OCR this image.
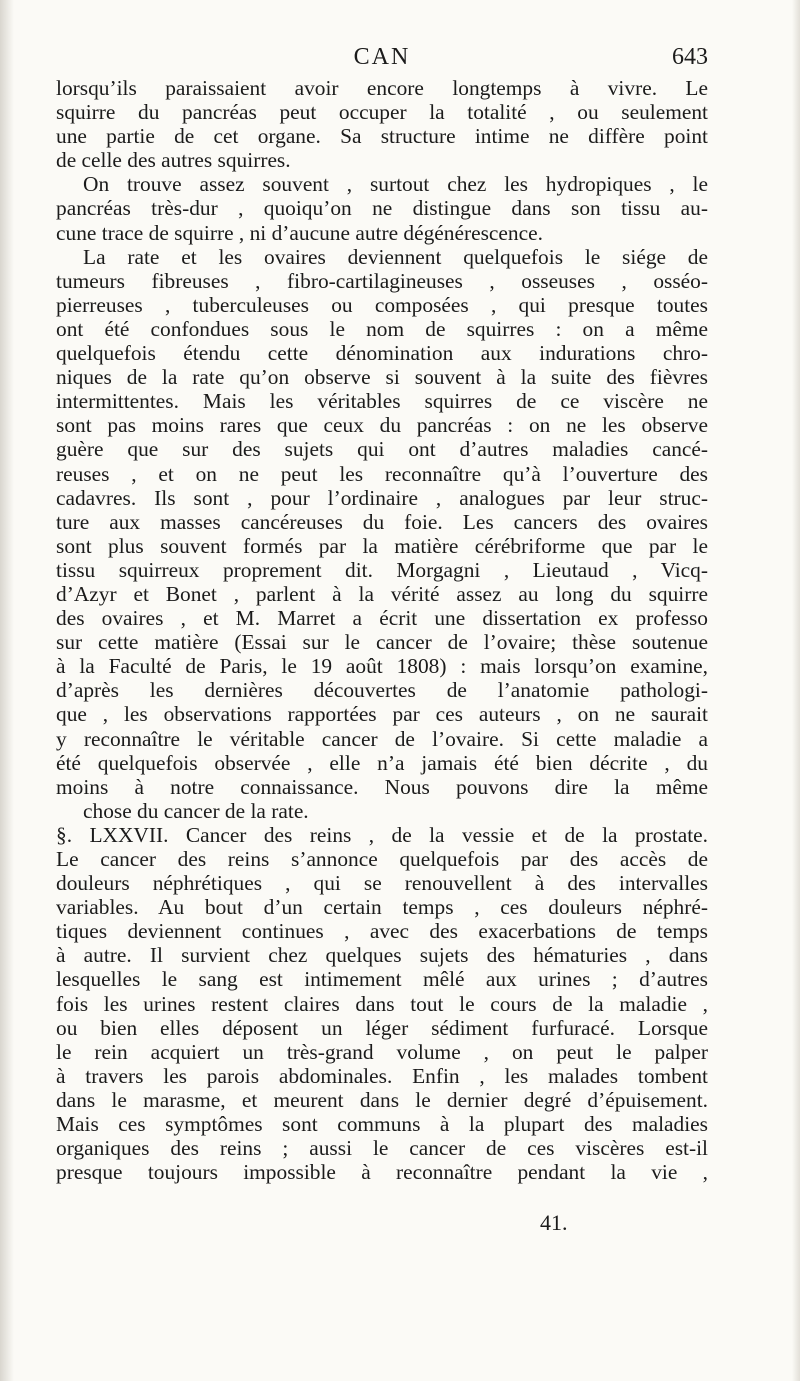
CAN	643
lorsqu’ils paraissaient avoir encore longtemps à vivre. Le
squirre du pancréas peut occuper la totalité , ou seulement
une partie de cet organe. Sa structure intime ne diffère point
de celle des autres squirres.
On trouve assez souvent , surtout chez les hydropiques , le
pancréas très-dur , quoiqu’on ne distingue dans son tissu au-
cune trace de squirre , ni d’aucune autre dégénérescence.
La rate et les ovaires deviennent quelquefois le siége de
tumeurs fibreuses , fibro-cartilagineuses , osseuses , osséo-
pierreuses , tuberculeuses ou composées , qui presque toutes
ont été confondues sous le nom de squirres : on a même
quelquefois étendu cette dénomination aux indurations chro-
niques de la rate qu’on observe si souvent à la suite des fièvres
intermittentes. Mais les véritables squirres de ce viscère ne
sont pas moins rares que ceux du pancréas : on ne les observe
guère que sur des sujets qui ont d’autres maladies cancé-
reuses , et on ne peut les reconnaître qu’à l’ouverture des
cadavres. Ils sont , pour l’ordinaire , analogues par leur struc-
ture aux masses cancéreuses du foie. Les cancers des ovaires
sont plus souvent formés par la matière cérébriforme que par le
tissu squirreux proprement dit. Morgagni , Lieutaud , Vicq-
d’Azyr et Bonet , parlent à la vérité assez au long du squirre
des ovaires , et M. Marret a écrit une dissertation ex professo
sur cette matière (Essai sur le cancer de l’ovaire; thèse soutenue
à la Faculté de Paris, le 19 août 1808) : mais lorsqu’on examine,
d’après les dernières découvertes de l’anatomie pathologi-
que , les observations rapportées par ces auteurs , on ne saurait
y reconnaître le véritable cancer de l’ovaire. Si cette maladie a
été quelquefois observée , elle n’a jamais été bien décrite , du
moins à notre connaissance. Nous pouvons dire la même
chose du cancer de la rate.
§. LXXVII. Cancer des reins , de la vessie et de la prostate.
Le cancer des reins s’annonce quelquefois par des accès de
douleurs néphrétiques , qui se renouvellent à des intervalles
variables. Au bout d’un certain temps , ces douleurs néphré-
tiques deviennent continues , avec des exacerbations de temps
à autre. Il survient chez quelques sujets des hématuries , dans
lesquelles le sang est intimement mêlé aux urines ; d’autres
fois les urines restent claires dans tout le cours de la maladie ,
ou bien elles déposent un léger sédiment furfuracé. Lorsque
le rein acquiert un très-grand volume , on peut le palper
à travers les parois abdominales. Enfin , les malades tombent
dans le marasme, et meurent dans le dernier degré d’épuisement.
Mais ces symptômes sont communs à la plupart des maladies
organiques des reins ; aussi le cancer de ces viscères est-il
presque toujours impossible à reconnaître pendant la vie ,
41.
